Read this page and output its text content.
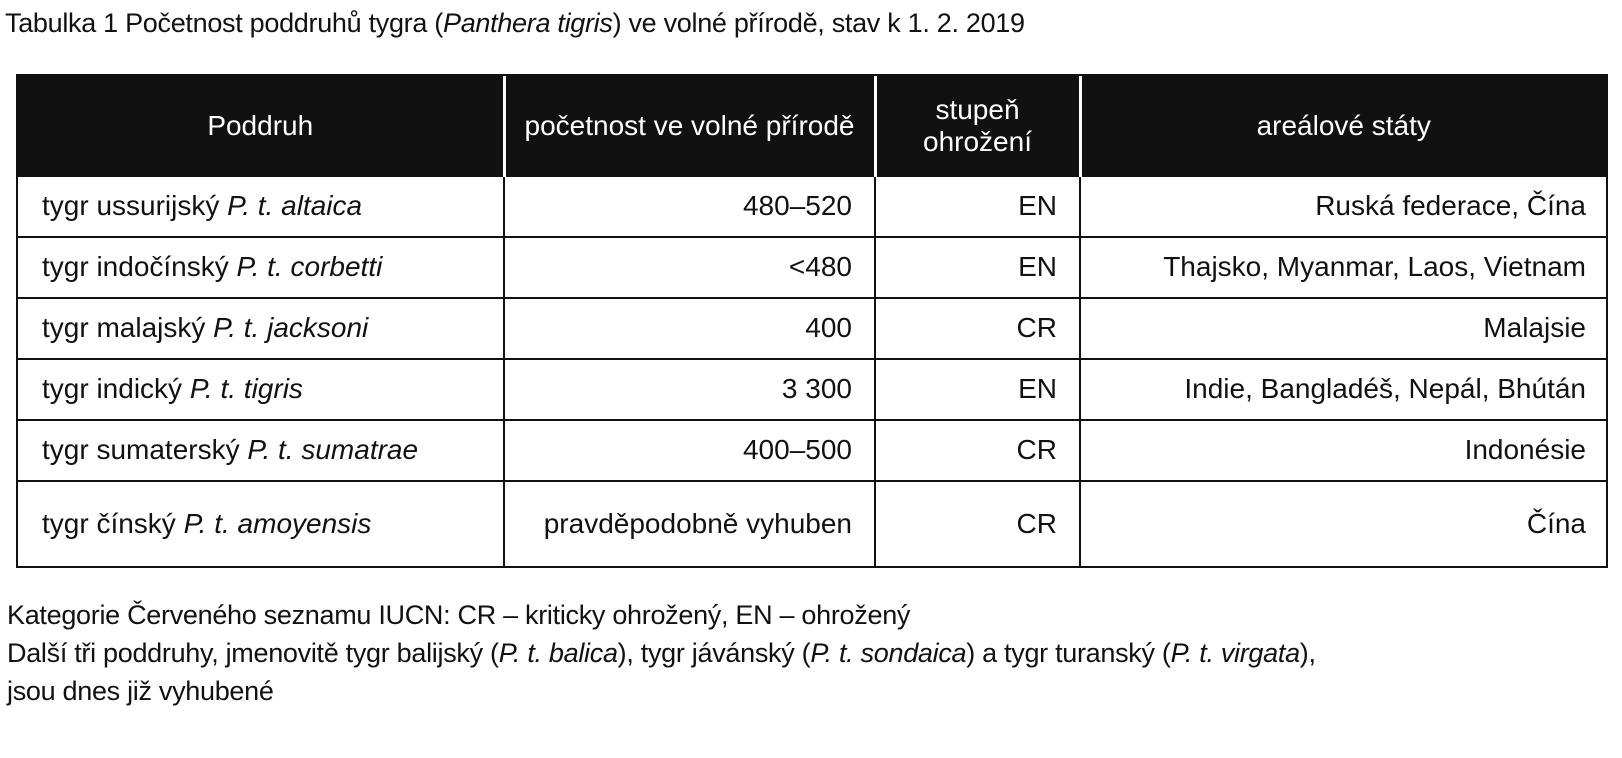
Tabulka 1 Početnost poddruhů tygra (Panthera tigris) ve volné přírodě, stav k 1. 2. 2019
Poddruh	početnost ve volné přírodě	stupeň ohrožení	areálové státy
tygr ussurijský P. t. altaica	480–520	EN	Ruská federace, Čína
tygr indočínský P. t. corbetti	<480	EN	Thajsko, Myanmar, Laos, Vietnam
tygr malajský P. t. jacksoni	400	CR	Malajsie
tygr indický P. t. tigris	3 300	EN	Indie, Bangladéš, Nepál, Bhútán
tygr sumaterský P. t. sumatrae	400–500	CR	Indonésie
tygr čínský P. t. amoyensis	pravděpodobně vyhuben	CR	Čína
Kategorie Červeného seznamu IUCN: CR – kriticky ohrožený, EN – ohrožený
Další tři poddruhy, jmenovitě tygr balijský (P. t. balica), tygr jávánský (P. t. sondaica) a tygr turanský (P. t. virgata),
jsou dnes již vyhubené
